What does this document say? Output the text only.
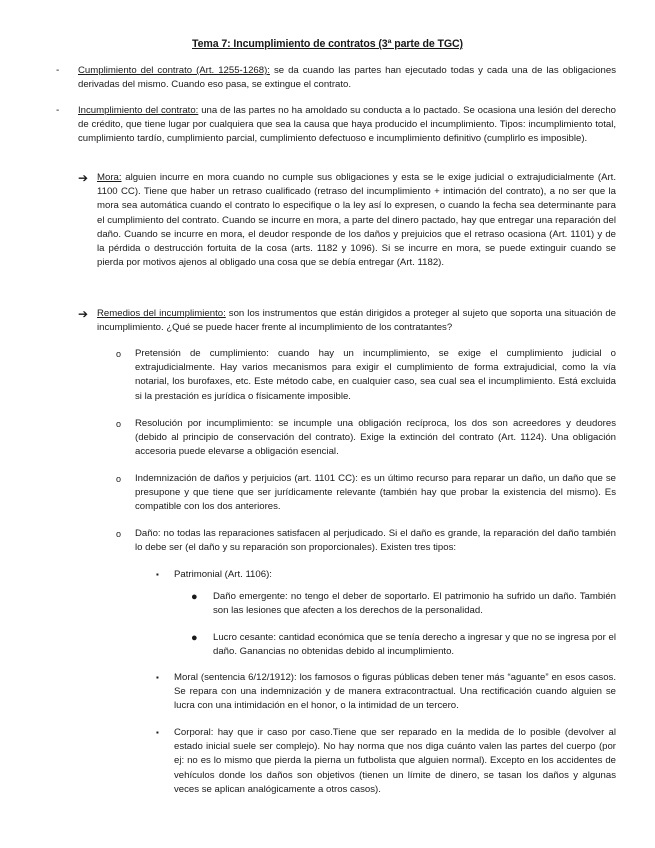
Tema 7: Incumplimiento de contratos (3ª parte de TGC)
- Cumplimiento del contrato (Art. 1255-1268): se da cuando las partes han ejecutado todas y cada una de las obligaciones derivadas del mismo. Cuando eso pasa, se extingue el contrato.
- Incumplimiento del contrato: una de las partes no ha amoldado su conducta a lo pactado. Se ocasiona una lesión del derecho de crédito, que tiene lugar por cualquiera que sea la causa que haya producido el incumplimiento. Tipos: incumplimiento total, cumplimiento tardío, cumplimiento parcial, cumplimiento defectuoso e incumplimiento definitivo (cumplirlo es imposible).
➔ Mora: alguien incurre en mora cuando no cumple sus obligaciones y esta se le exige judicial o extrajudicialmente (Art. 1100 CC). Tiene que haber un retraso cualificado (retraso del incumplimiento + intimación del contrato), a no ser que la mora sea automática cuando el contrato lo especifique o la ley así lo expresen, o cuando la fecha sea determinante para el cumplimiento del contrato. Cuando se incurre en mora, a parte del dinero pactado, hay que entregar una reparación del daño. Cuando se incurre en mora, el deudor responde de los daños y prejuicios que el retraso ocasiona (Art. 1101) y de la pérdida o destrucción fortuita de la cosa (arts. 1182 y 1096). Si se incurre en mora, se puede extinguir cuando se pierda por motivos ajenos al obligado una cosa que se debía entregar (Art. 1182).
➔ Remedios del incumplimiento: son los instrumentos que están dirigidos a proteger al sujeto que soporta una situación de incumplimiento. ¿Qué se puede hacer frente al incumplimiento de los contratantes?
o Pretensión de cumplimiento: cuando hay un incumplimiento, se exige el cumplimiento judicial o extrajudicialmente. Hay varios mecanismos para exigir el cumplimiento de forma extrajudicial, como la vía notarial, los burofaxes, etc. Este método cabe, en cualquier caso, sea cual sea el incumplimiento. Está excluida si la prestación es jurídica o físicamente imposible.
o Resolución por incumplimiento: se incumple una obligación recíproca, los dos son acreedores y deudores (debido al principio de conservación del contrato). Exige la extinción del contrato (Art. 1124). Una obligación accesoria puede elevarse a obligación esencial.
o Indemnización de daños y perjuicios (art. 1101 CC): es un último recurso para reparar un daño, un daño que se presupone y que tiene que ser jurídicamente relevante (también hay que probar la existencia del mismo). Es compatible con los dos anteriores.
o Daño: no todas las reparaciones satisfacen al perjudicado. Si el daño es grande, la reparación del daño también lo debe ser (el daño y su reparación son proporcionales). Existen tres tipos:
▪ Patrimonial (Art. 1106):
● Daño emergente: no tengo el deber de soportarlo. El patrimonio ha sufrido un daño. También son las lesiones que afecten a los derechos de la personalidad.
● Lucro cesante: cantidad económica que se tenía derecho a ingresar y que no se ingresa por el daño. Ganancias no obtenidas debido al incumplimiento.
▪ Moral (sentencia 6/12/1912): los famosos o figuras públicas deben tener más “aguante” en esos casos. Se repara con una indemnización y de manera extracontractual. Una rectificación cuando alguien se lucra con una intimidación en el honor, o la intimidad de un tercero.
▪ Corporal: hay que ir caso por caso.Tiene que ser reparado en la medida de lo posible (devolver al estado inicial suele ser complejo). No hay norma que nos diga cuánto valen las partes del cuerpo (por ej: no es lo mismo que pierda la pierna un futbolista que alguien normal). Excepto en los accidentes de vehículos donde los daños son objetivos (tienen un límite de dinero, se tasan los daños y algunas veces se aplican analógicamente a otros casos).
